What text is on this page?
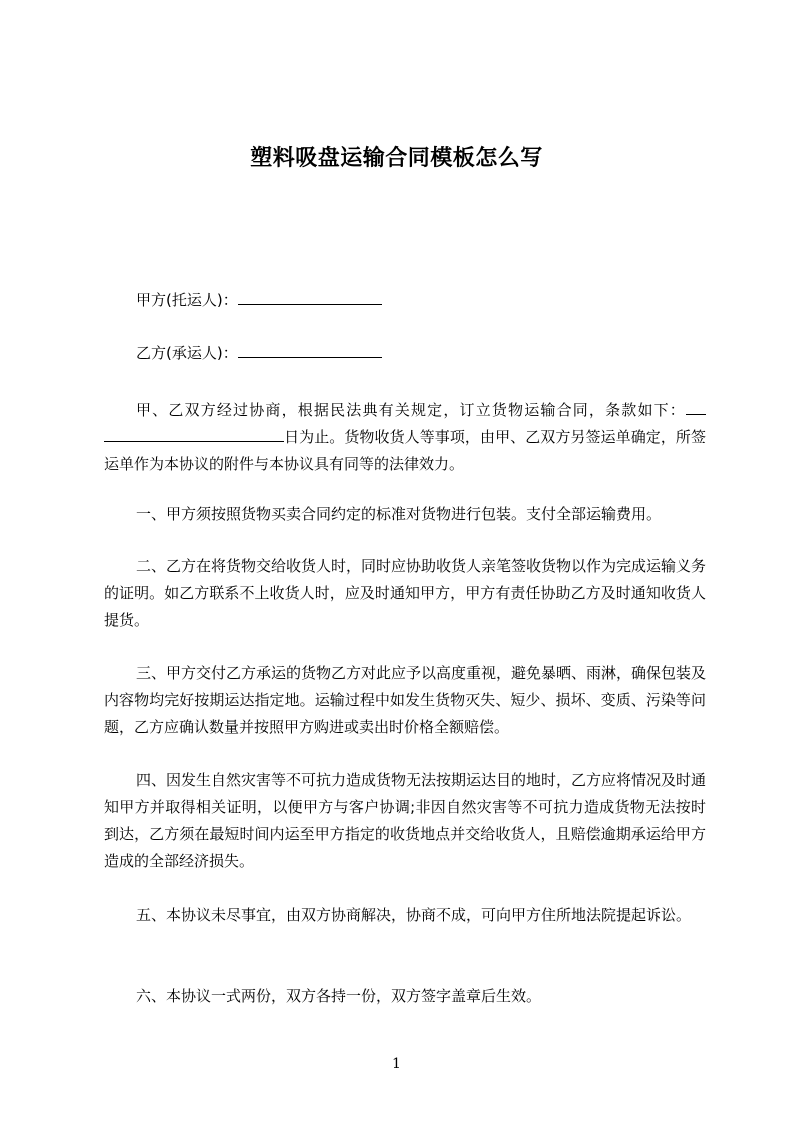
塑料吸盘运输合同模板怎么写
甲方(托运人)：
乙方(承运人)：
甲、乙双方经过协商，根据民法典有关规定，订立货物运输合同，条款如下：日为止。货物收货人等事项，由甲、乙双方另签运单确定，所签运单作为本协议的附件与本协议具有同等的法律效力。
一、甲方须按照货物买卖合同约定的标准对货物进行包装。支付全部运输费用。
二、乙方在将货物交给收货人时，同时应协助收货人亲笔签收货物以作为完成运输义务的证明。如乙方联系不上收货人时，应及时通知甲方，甲方有责任协助乙方及时通知收货人提货。
三、甲方交付乙方承运的货物乙方对此应予以高度重视，避免暴晒、雨淋，确保包装及内容物均完好按期运达指定地。运输过程中如发生货物灭失、短少、损坏、变质、污染等问题，乙方应确认数量并按照甲方购进或卖出时价格全额赔偿。
四、因发生自然灾害等不可抗力造成货物无法按期运达目的地时，乙方应将情况及时通知甲方并取得相关证明，以便甲方与客户协调;非因自然灾害等不可抗力造成货物无法按时到达，乙方须在最短时间内运至甲方指定的收货地点并交给收货人，且赔偿逾期承运给甲方造成的全部经济损失。
五、本协议未尽事宜，由双方协商解决，协商不成，可向甲方住所地法院提起诉讼。
六、本协议一式两份，双方各持一份，双方签字盖章后生效。
1
